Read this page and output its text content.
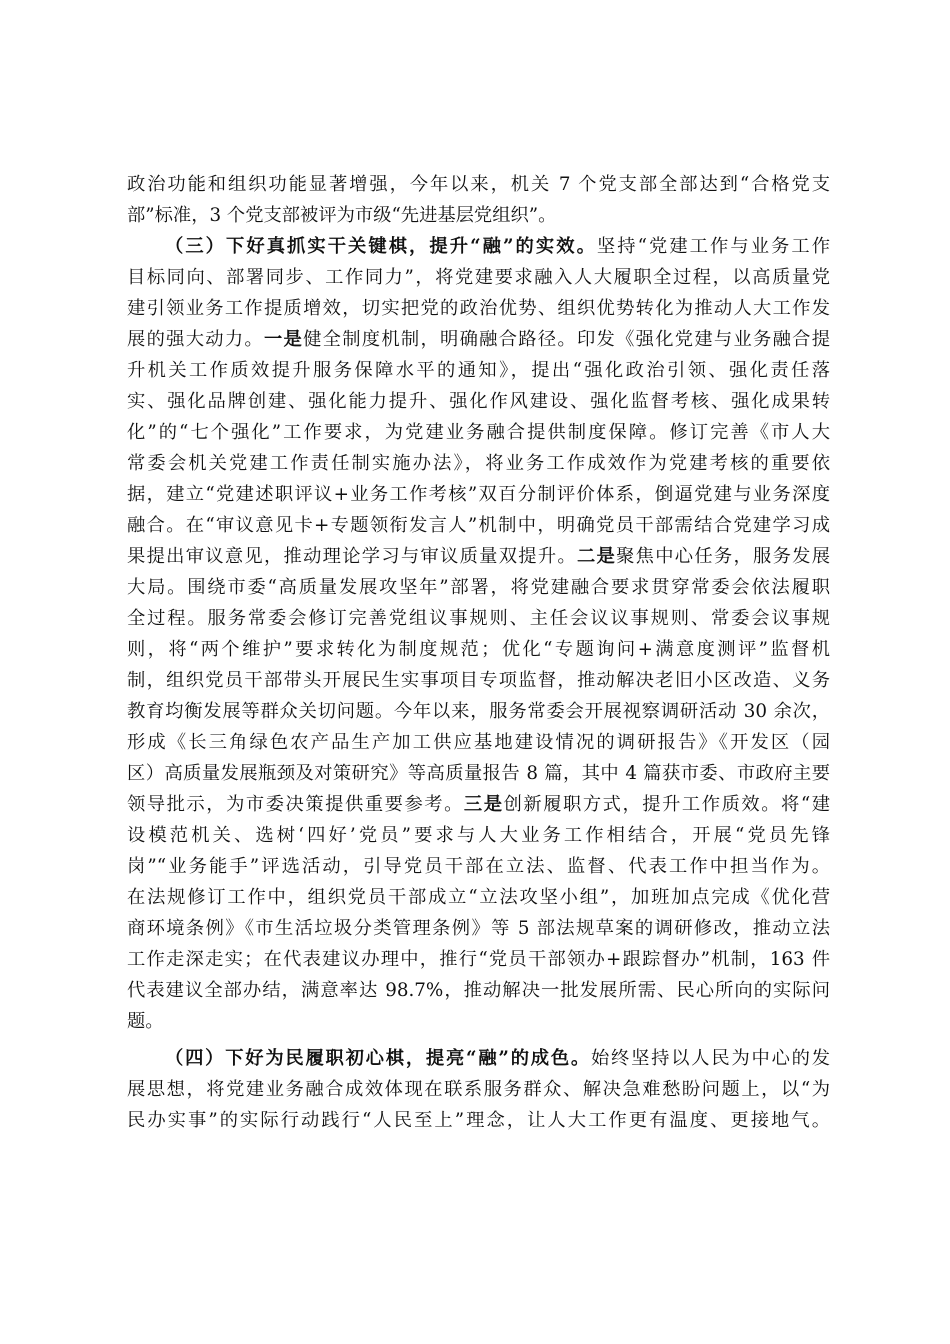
政治功能和组织功能显著增强，今年以来，机关 7 个党支部全部达到“合格党支
部”标准，3 个党支部被评为市级“先进基层党组织”。
（三）下好真抓实干关键棋，提升“融”的实效。坚持“党建工作与业务工作
目标同向、部署同步、工作同力”，将党建要求融入人大履职全过程，以高质量党
建引领业务工作提质增效，切实把党的政治优势、组织优势转化为推动人大工作发
展的强大动力。一是健全制度机制，明确融合路径。印发《强化党建与业务融合提
升机关工作质效提升服务保障水平的通知》，提出“强化政治引领、强化责任落
实、强化品牌创建、强化能力提升、强化作风建设、强化监督考核、强化成果转
化”的“七个强化”工作要求，为党建业务融合提供制度保障。修订完善《市人大
常委会机关党建工作责任制实施办法》，将业务工作成效作为党建考核的重要依
据，建立“党建述职评议+业务工作考核”双百分制评价体系，倒逼党建与业务深度
融合。在“审议意见卡+专题领衔发言人”机制中，明确党员干部需结合党建学习成
果提出审议意见，推动理论学习与审议质量双提升。二是聚焦中心任务，服务发展
大局。围绕市委“高质量发展攻坚年”部署，将党建融合要求贯穿常委会依法履职
全过程。服务常委会修订完善党组议事规则、主任会议议事规则、常委会议事规
则，将“两个维护”要求转化为制度规范；优化“专题询问+满意度测评”监督机
制，组织党员干部带头开展民生实事项目专项监督，推动解决老旧小区改造、义务
教育均衡发展等群众关切问题。今年以来，服务常委会开展视察调研活动 30 余次，
形成《长三角绿色农产品生产加工供应基地建设情况的调研报告》《开发区（园
区）高质量发展瓶颈及对策研究》等高质量报告 8 篇，其中 4 篇获市委、市政府主要
领导批示，为市委决策提供重要参考。三是创新履职方式，提升工作质效。将“建
设模范机关、选树‘四好’党员”要求与人大业务工作相结合，开展“党员先锋
岗”“业务能手”评选活动，引导党员干部在立法、监督、代表工作中担当作为。
在法规修订工作中，组织党员干部成立“立法攻坚小组”，加班加点完成《优化营
商环境条例》《市生活垃圾分类管理条例》等 5 部法规草案的调研修改，推动立法
工作走深走实；在代表建议办理中，推行“党员干部领办+跟踪督办”机制，163 件
代表建议全部办结，满意率达 98.7%，推动解决一批发展所需、民心所向的实际问
题。
（四）下好为民履职初心棋，提亮“融”的成色。始终坚持以人民为中心的发
展思想，将党建业务融合成效体现在联系服务群众、解决急难愁盼问题上，以“为
民办实事”的实际行动践行“人民至上”理念，让人大工作更有温度、更接地气。
